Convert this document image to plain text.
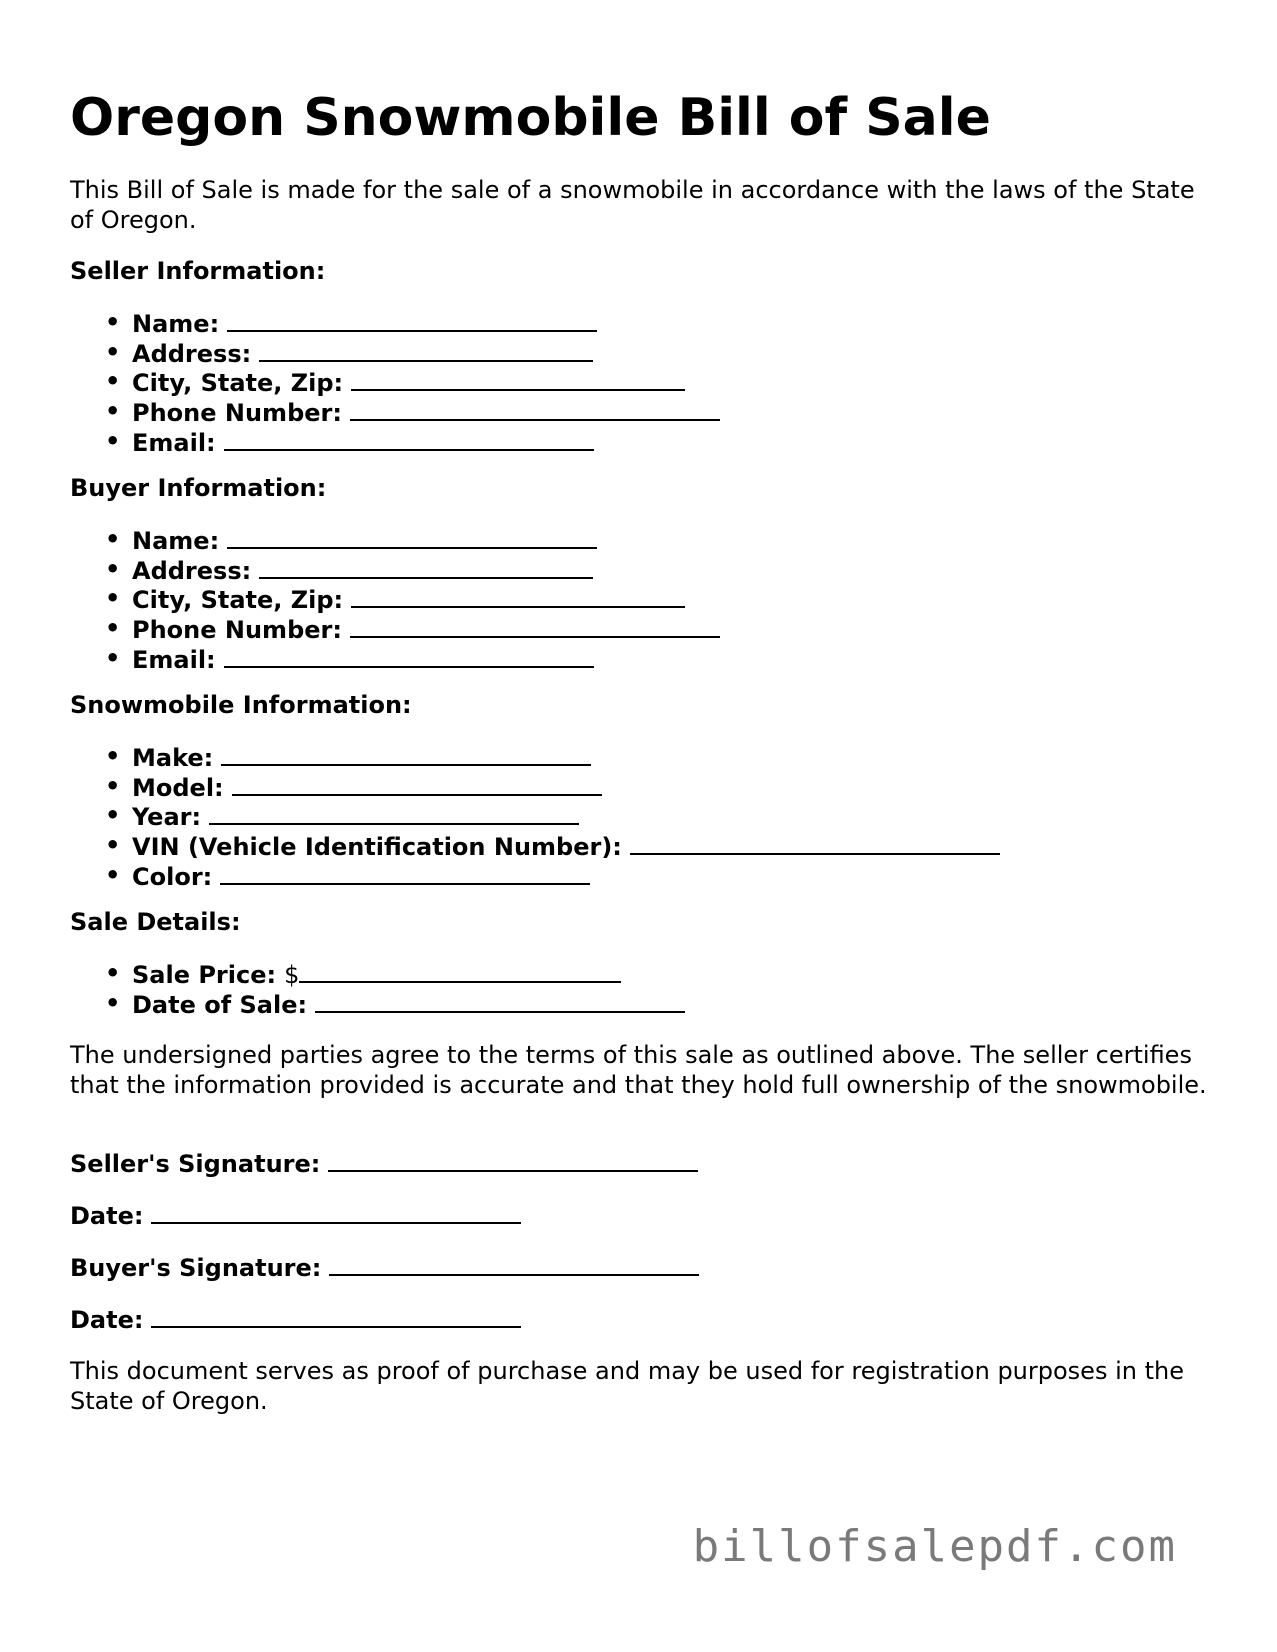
Oregon Snowmobile Bill of Sale

This Bill of Sale is made for the sale of a snowmobile in accordance with the laws of the State of Oregon.

Seller Information:

• Name:
• Address:
• City, State, Zip:
• Phone Number:
• Email:

Buyer Information:

• Name:
• Address:
• City, State, Zip:
• Phone Number:
• Email:

Snowmobile Information:

• Make:
• Model:
• Year:
• VIN (Vehicle Identification Number):
• Color:

Sale Details:

• Sale Price: $
• Date of Sale:

The undersigned parties agree to the terms of this sale as outlined above. The seller certifies that the information provided is accurate and that they hold full ownership of the snowmobile.

Seller's Signature:
Date:
Buyer's Signature:
Date:

This document serves as proof of purchase and may be used for registration purposes in the State of Oregon.

billofsalepdf.com
